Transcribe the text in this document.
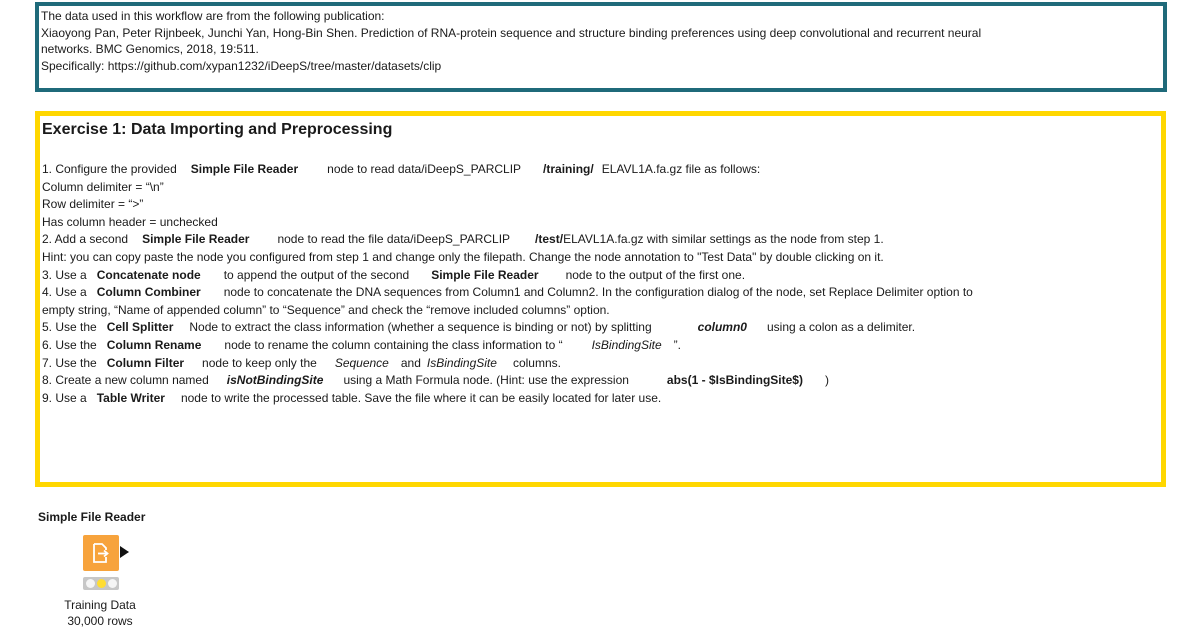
The data used in this workflow are from the following publication:
Xiaoyong Pan, Peter Rijnbeek, Junchi Yan, Hong-Bin Shen. Prediction of RNA-protein sequence and structure binding preferences using deep convolutional and recurrent neural
networks. BMC Genomics, 2018, 19:511.
Specifically: https://github.com/xypan1232/iDeepS/tree/master/datasets/clip
Exercise 1: Data Importing and Preprocessing
1. Configure the provided Simple File Reader node to read data/iDeepS_PARCLIP /training/ ELAVL1A.fa.gz file as follows:
Column delimiter = “\n”
Row delimiter = “>”
Has column header = unchecked
2. Add a second Simple File Reader node to read the file data/iDeepS_PARCLIP /test/ELAVL1A.fa.gz with similar settings as the node from step 1.
Hint: you can copy paste the node you configured from step 1 and change only the filepath. Change the node annotation to "Test Data" by double clicking on it.
3. Use a Concatenate node to append the output of the second Simple File Reader node to the output of the first one.
4. Use a Column Combiner node to concatenate the DNA sequences from Column1 and Column2. In the configuration dialog of the node, set Replace Delimiter option to
empty string, “Name of appended column” to “Sequence” and check the “remove included columns” option.
5. Use the Cell Splitter Node to extract the class information (whether a sequence is binding or not) by splitting	column0 using a colon as a delimiter.
6. Use the Column Rename node to rename the column containing the class information to “ IsBindingSite ”.
7. Use the Column Filter node to keep only the Sequence and IsBindingSite columns.
8. Create a new column named isNotBindingSite using a Math Formula node. (Hint: use the expression	abs(1 - $IsBindingSite$) )
9. Use a Table Writer node to write the processed table. Save the file where it can be easily located for later use.
Simple File Reader
Training Data
30,000 rows
